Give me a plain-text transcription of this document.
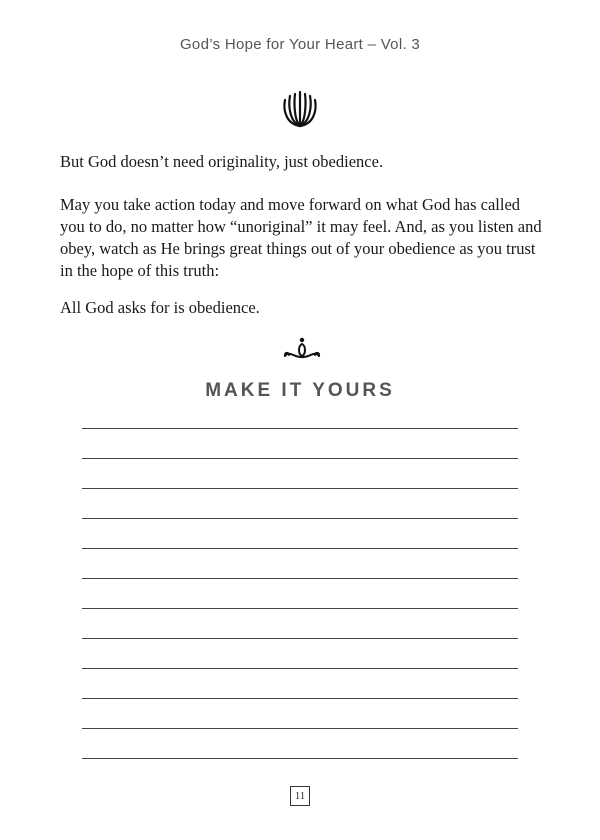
God’s Hope for Your Heart – Vol. 3
But God doesn’t need originality, just obedience.
May you take action today and move forward on what God has called you to do, no matter how “unoriginal” it may feel. And, as you listen and obey, watch as He brings great things out of your obedience as you trust in the hope of this truth:
All God asks for is obedience.
MAKE IT YOURS
11
